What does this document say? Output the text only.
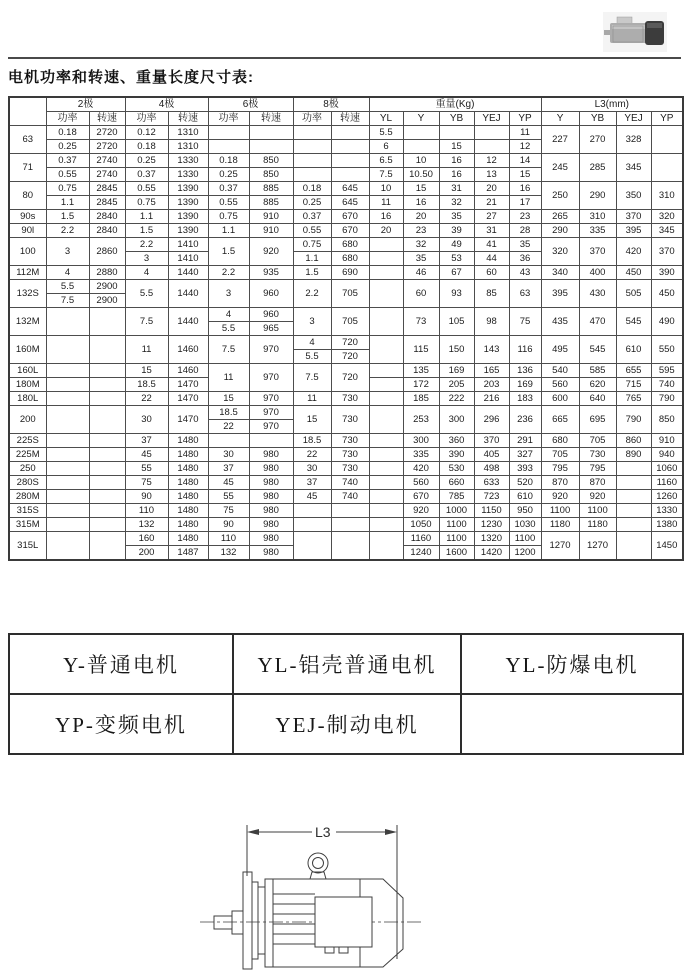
电机功率和转速、重量长度尺寸表:
	2极		4极		6极		8极		重量(Kg)					L3(mm)			
	功率	转速	功率	转速	功率	转速	功率	转速	YL	Y	YB	YEJ	YP	Y	YB	YEJ	YP
63	0.18	2720	0.12	1310					5.5				11	227	270	328	
	0.25	2720	0.18	1310					6		15		12				
71	0.37	2740	0.25	1330	0.18	850			6.5	10	16	12	14	245	285	345	
	0.55	2740	0.37	1330	0.25	850			7.5	10.50	16	13	15				
80	0.75	2845	0.55	1390	0.37	885	0.18	645	10	15	31	20	16	250	290	350	310
	1.1	2845	0.75	1390	0.55	885	0.25	645	11	16	32	21	17				
90s	1.5	2840	1.1	1390	0.75	910	0.37	670	16	20	35	27	23	265	310	370	320
90l	2.2	2840	1.5	1390	1.1	910	0.55	670	20	23	39	31	28	290	335	395	345
100	3	2860	2.2	1410	1.5	920	0.75	680		32	49	41	35	320	370	420	370
			3	1410			1.1	680		35	53	44	36				
112M	4	2880	4	1440	2.2	935	1.5	690		46	67	60	43	340	400	450	390
132S	5.5	2900	5.5	1440	3	960	2.2	705		60	93	85	63	395	430	505	450
	7.5	2900															
132M			7.5	1440	4	960	3	705		73	105	98	75	435	470	545	490
					5.5	965											
160M			11	1460	7.5	970	4	720		115	150	143	116	495	545	610	550
							5.5	720									
160L			15	1460	11	970	7.5	720		135	169	165	136	540	585	655	595
180M			18.5	1470						172	205	203	169	560	620	715	740
180L			22	1470	15	970	11	730		185	222	216	183	600	640	765	790
200			30	1470	18.5	970	15	730		253	300	296	236	665	695	790	850
					22	970											
225S			37	1480			18.5	730		300	360	370	291	680	705	860	910
225M			45	1480	30	980	22	730		335	390	405	327	705	730	890	940
250			55	1480	37	980	30	730		420	530	498	393	795	795		1060
280S			75	1480	45	980	37	740		560	660	633	520	870	870		1160
280M			90	1480	55	980	45	740		670	785	723	610	920	920		1260
315S			110	1480	75	980				920	1000	1150	950	1100	1100		1330
315M			132	1480	90	980				1050	1100	1230	1030	1180	1180		1380
315L			160	1480	110	980				1160	1100	1320	1100	1270	1270		1450
			200	1487	132	980				1240	1600	1420	1200				
Y-普通电机	YL-铝壳普通电机	YL-防爆电机
YP-变频电机	YEJ-制动电机	
L3
